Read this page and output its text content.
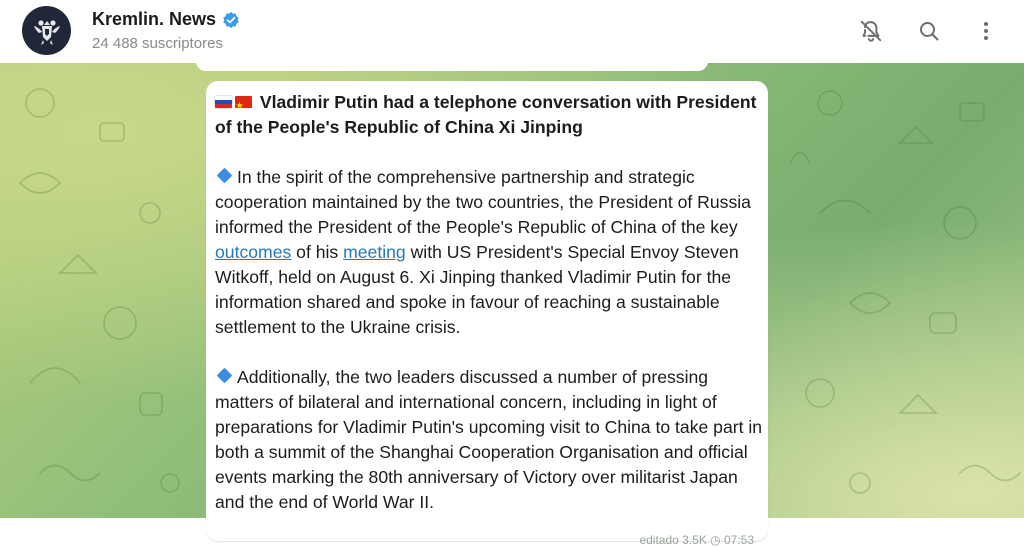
Kremlin. News
24 488 suscriptores

★ Vladimir Putin had a telephone conversation with President of the People's Republic of China Xi Jinping

In the spirit of the comprehensive partnership and strategic cooperation maintained by the two countries, the President of Russia informed the President of the People's Republic of China of the key outcomes of his meeting with US President's Special Envoy Steven Witkoff, held on August 6. Xi Jinping thanked Vladimir Putin for the information shared and spoke in favour of reaching a sustainable settlement to the Ukraine crisis.

Additionally, the two leaders discussed a number of pressing matters of bilateral and international concern, including in light of preparations for Vladimir Putin's upcoming visit to China to take part in both a summit of the Shanghai Cooperation Organisation and official events marking the 80th anniversary of Victory over militarist Japan and the end of World War II.

editado 3.5K ◷ 07:53
